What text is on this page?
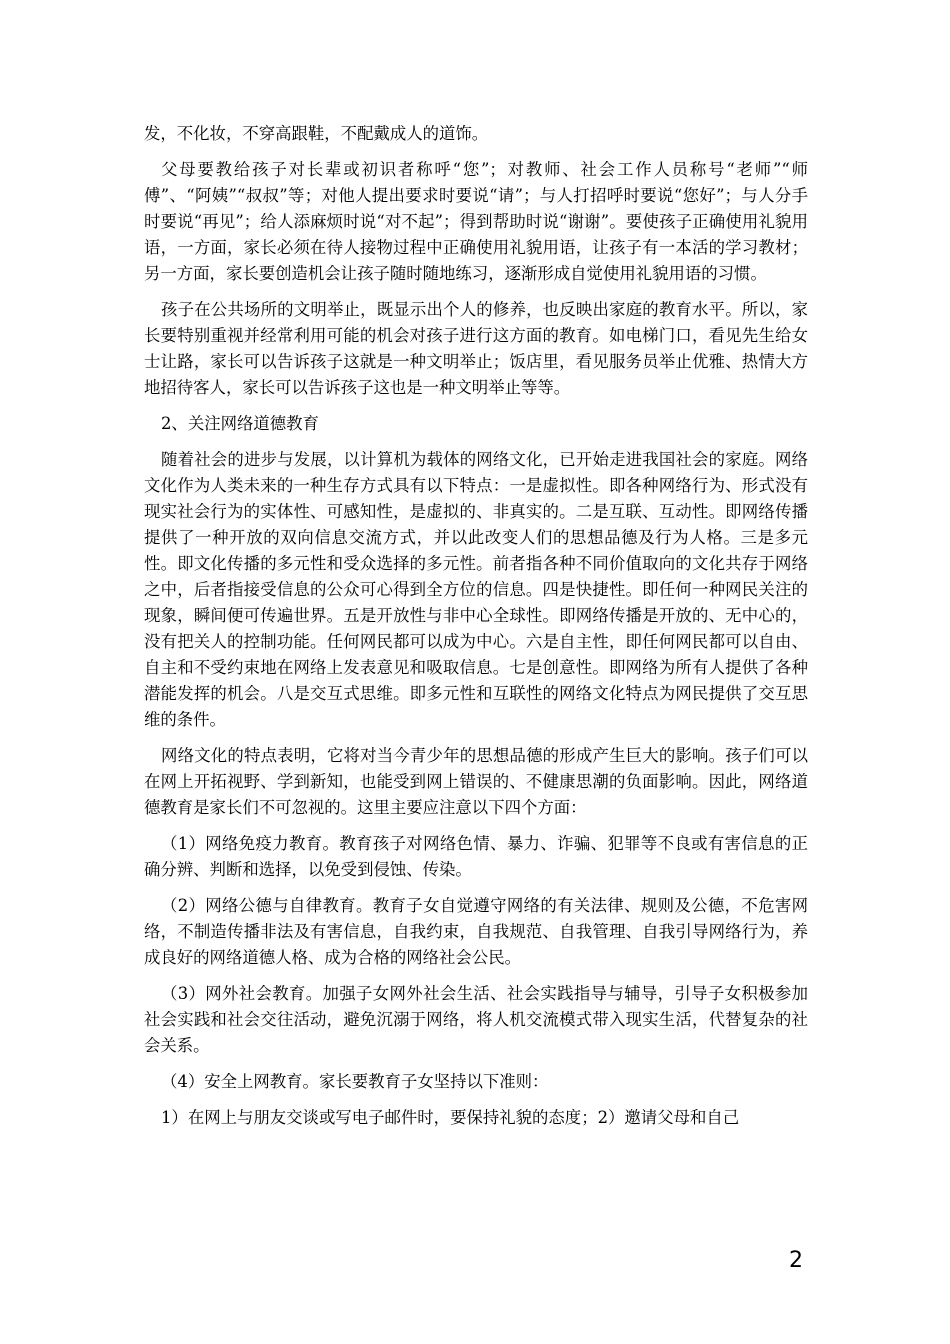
发，不化妆，不穿高跟鞋，不配戴成人的道饰。

父母要教给孩子对长辈或初识者称呼“您”；对教师、社会工作人员称号“老师”“师傅”、“阿姨”“叔叔”等；对他人提出要求时要说“请”；与人打招呼时要说“您好”；与人分手时要说“再见”；给人添麻烦时说“对不起”；得到帮助时说“谢谢”。要使孩子正确使用礼貌用语，一方面，家长必须在待人接物过程中正确使用礼貌用语，让孩子有一本活的学习教材；另一方面，家长要创造机会让孩子随时随地练习，逐渐形成自觉使用礼貌用语的习惯。

孩子在公共场所的文明举止，既显示出个人的修养，也反映出家庭的教育水平。所以，家长要特别重视并经常利用可能的机会对孩子进行这方面的教育。如电梯门口，看见先生给女士让路，家长可以告诉孩子这就是一种文明举止；饭店里，看见服务员举止优雅、热情大方地招待客人，家长可以告诉孩子这也是一种文明举止等等。

2、关注网络道德教育

随着社会的进步与发展，以计算机为载体的网络文化，已开始走进我国社会的家庭。网络文化作为人类未来的一种生存方式具有以下特点：一是虚拟性。即各种网络行为、形式没有现实社会行为的实体性、可感知性，是虚拟的、非真实的。二是互联、互动性。即网络传播提供了一种开放的双向信息交流方式，并以此改变人们的思想品德及行为人格。三是多元性。即文化传播的多元性和受众选择的多元性。前者指各种不同价值取向的文化共存于网络之中，后者指接受信息的公众可心得到全方位的信息。四是快捷性。即任何一种网民关注的现象，瞬间便可传遍世界。五是开放性与非中心全球性。即网络传播是开放的、无中心的，没有把关人的控制功能。任何网民都可以成为中心。六是自主性，即任何网民都可以自由、自主和不受约束地在网络上发表意见和吸取信息。七是创意性。即网络为所有人提供了各种潜能发挥的机会。八是交互式思维。即多元性和互联性的网络文化特点为网民提供了交互思维的条件。

网络文化的特点表明，它将对当今青少年的思想品德的形成产生巨大的影响。孩子们可以在网上开拓视野、学到新知，也能受到网上错误的、不健康思潮的负面影响。因此，网络道德教育是家长们不可忽视的。这里主要应注意以下四个方面：

（1）网络免疫力教育。教育孩子对网络色情、暴力、诈骗、犯罪等不良或有害信息的正确分辨、判断和选择，以免受到侵蚀、传染。

（2）网络公德与自律教育。教育子女自觉遵守网络的有关法律、规则及公德，不危害网络，不制造传播非法及有害信息，自我约束，自我规范、自我管理、自我引导网络行为，养成良好的网络道德人格、成为合格的网络社会公民。

（3）网外社会教育。加强子女网外社会生活、社会实践指导与辅导，引导子女积极参加社会实践和社会交往活动，避免沉溺于网络，将人机交流模式带入现实生活，代替复杂的社会关系。

（4）安全上网教育。家长要教育子女坚持以下准则：

1）在网上与朋友交谈或写电子邮件时，要保持礼貌的态度；2）邀请父母和自己

2
